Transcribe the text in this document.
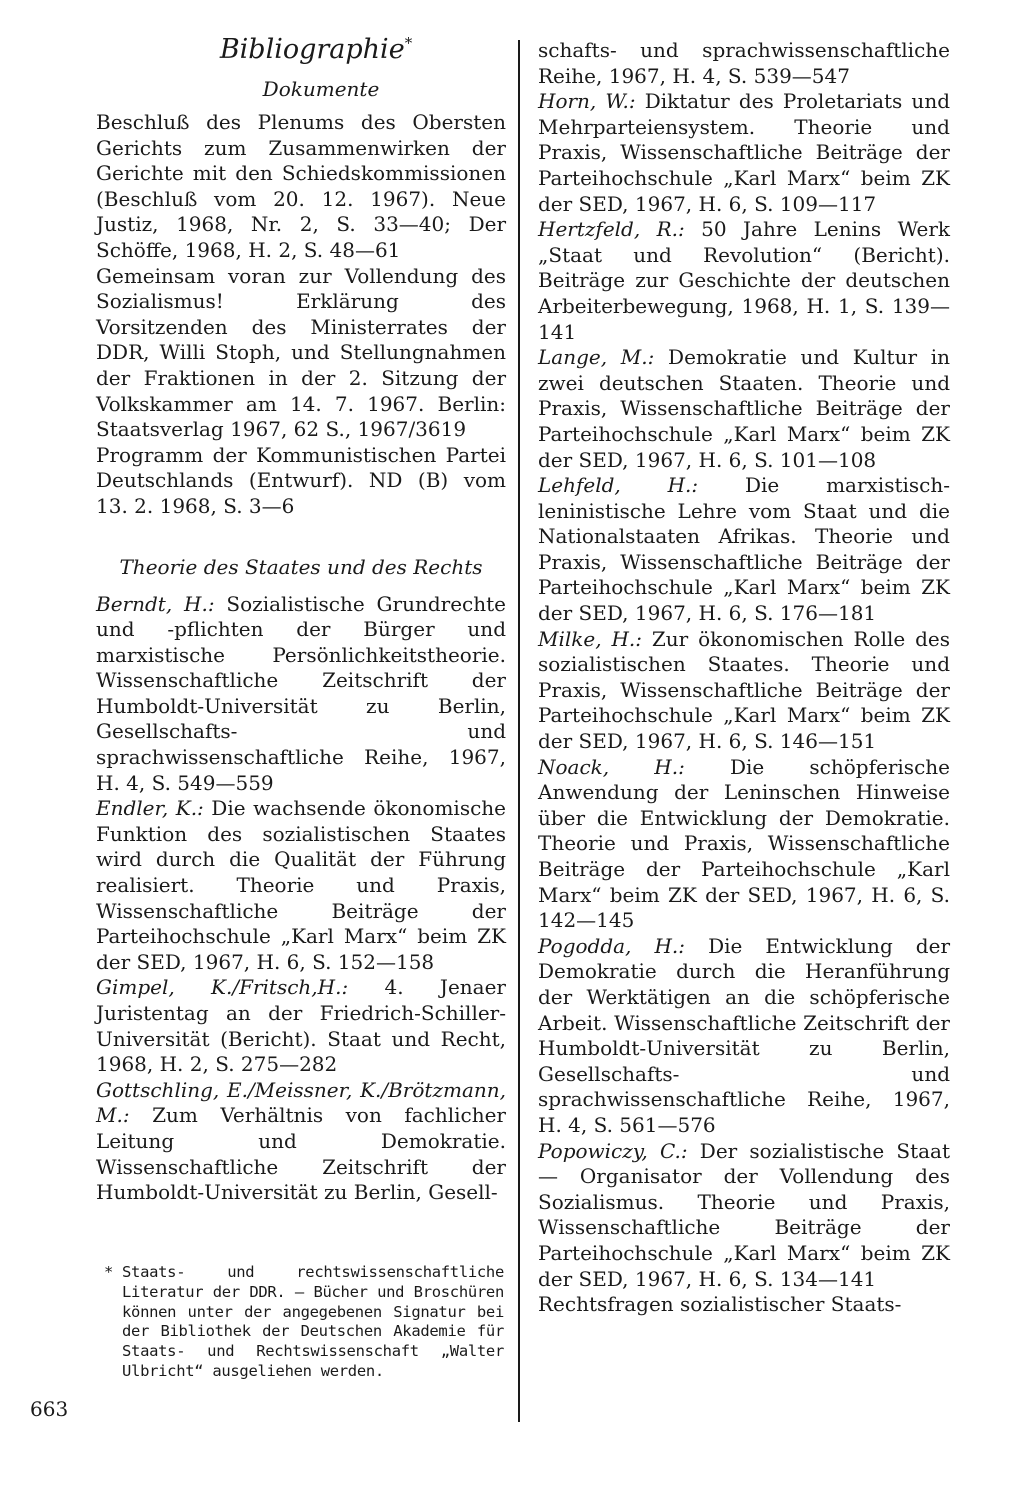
Bibliographie*
Dokumente

Beschluß des Plenums des Obersten Gerichts zum Zusammenwirken der Gerichte mit den Schiedskommissionen (Beschluß vom 20. 12. 1967). Neue Justiz, 1968, Nr. 2, S. 33—40; Der Schöffe, 1968, H. 2, S. 48—61

Gemeinsam voran zur Vollendung des Sozialismus! Erklärung des Vorsitzenden des Ministerrates der DDR, Willi Stoph, und Stellungnahmen der Fraktionen in der 2. Sitzung der Volkskammer am 14. 7. 1967. Berlin: Staatsverlag 1967, 62 S., 1967/3619

Programm der Kommunistischen Partei Deutschlands (Entwurf). ND (B) vom 13. 2. 1968, S. 3—6

Theorie des Staates und des Rechts

Berndt, H.: Sozialistische Grundrechte und -pflichten der Bürger und marxistische Persönlichkeitstheorie. Wissenschaftliche Zeitschrift der Humboldt-Universität zu Berlin, Gesellschafts- und sprachwissenschaftliche Reihe, 1967, H. 4, S. 549—559

Endler, K.: Die wachsende ökonomische Funktion des sozialistischen Staates wird durch die Qualität der Führung realisiert. Theorie und Praxis, Wissenschaftliche Beiträge der Parteihochschule „Karl Marx“ beim ZK der SED, 1967, H. 6, S. 152—158

Gimpel, K./Fritsch,H.: 4. Jenaer Juristentag an der Friedrich-Schiller-Universität (Bericht). Staat und Recht, 1968, H. 2, S. 275—282

Gottschling, E./Meissner, K./Brötzmann, M.: Zum Verhältnis von fachlicher Leitung und Demokratie. Wissenschaftliche Zeitschrift der Humboldt-Universität zu Berlin, Gesell-

schafts- und sprachwissenschaftliche Reihe, 1967, H. 4, S. 539—547

Horn, W.: Diktatur des Proletariats und Mehrparteiensystem. Theorie und Praxis, Wissenschaftliche Beiträge der Parteihochschule „Karl Marx“ beim ZK der SED, 1967, H. 6, S. 109—117

Hertzfeld, R.: 50 Jahre Lenins Werk „Staat und Revolution“ (Bericht). Beiträge zur Geschichte der deutschen Arbeiterbewegung, 1968, H. 1, S. 139—141

Lange, M.: Demokratie und Kultur in zwei deutschen Staaten. Theorie und Praxis, Wissenschaftliche Beiträge der Parteihochschule „Karl Marx“ beim ZK der SED, 1967, H. 6, S. 101—108

Lehfeld, H.: Die marxistisch-leninistische Lehre vom Staat und die Nationalstaaten Afrikas. Theorie und Praxis, Wissenschaftliche Beiträge der Parteihochschule „Karl Marx“ beim ZK der SED, 1967, H. 6, S. 176—181

Milke, H.: Zur ökonomischen Rolle des sozialistischen Staates. Theorie und Praxis, Wissenschaftliche Beiträge der Parteihochschule „Karl Marx“ beim ZK der SED, 1967, H. 6, S. 146—151

Noack, H.: Die schöpferische Anwendung der Leninschen Hinweise über die Entwicklung der Demokratie. Theorie und Praxis, Wissenschaftliche Beiträge der Parteihochschule „Karl Marx“ beim ZK der SED, 1967, H. 6, S. 142—145

Pogodda, H.: Die Entwicklung der Demokratie durch die Heranführung der Werktätigen an die schöpferische Arbeit. Wissenschaftliche Zeitschrift der Humboldt-Universität zu Berlin, Gesellschafts- und sprachwissenschaftliche Reihe, 1967, H. 4, S. 561—576

Popowiczy, C.: Der sozialistische Staat — Organisator der Vollendung des Sozialismus. Theorie und Praxis, Wissenschaftliche Beiträge der Parteihochschule „Karl Marx“ beim ZK der SED, 1967, H. 6, S. 134—141

Rechtsfragen sozialistischer Staats-

* Staats- und rechtswissenschaftliche Literatur der DDR. — Bücher und Broschüren können unter der angegebenen Signatur bei der Bibliothek der Deutschen Akademie für Staats- und Rechtswissenschaft „Walter Ulbricht“ ausgeliehen werden.
663
